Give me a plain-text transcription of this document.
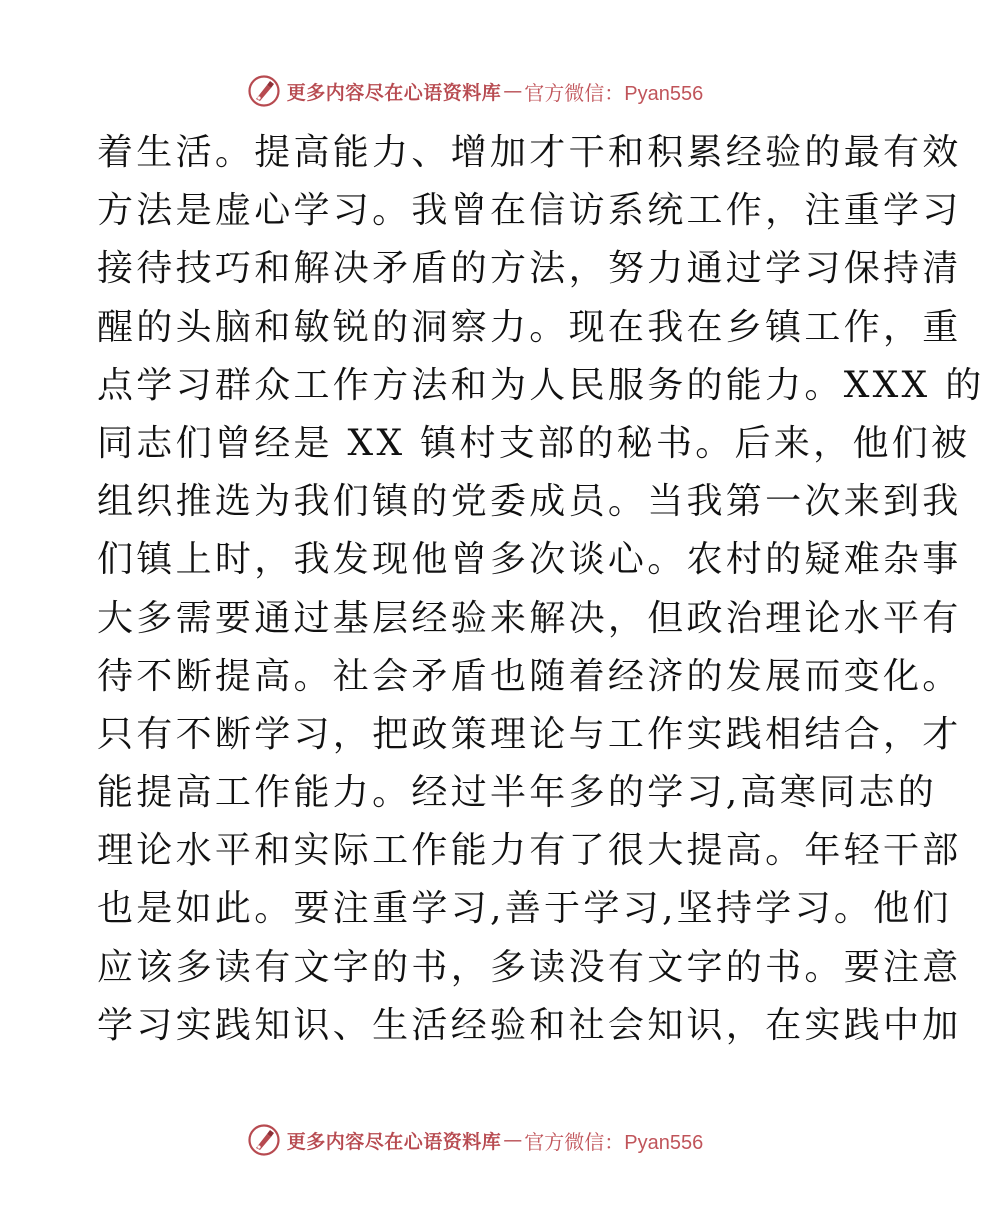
更多内容尽在心语资料库 — 官方微信：Pyan556
着生活。提高能力、增加才干和积累经验的最有效
方法是虚心学习。我曾在信访系统工作，注重学习
接待技巧和解决矛盾的方法，努力通过学习保持清
醒的头脑和敏锐的洞察力。现在我在乡镇工作，重
点学习群众工作方法和为人民服务的能力。XXX 的
同志们曾经是 XX 镇村支部的秘书。后来，他们被
组织推选为我们镇的党委成员。当我第一次来到我
们镇上时，我发现他曾多次谈心。农村的疑难杂事
大多需要通过基层经验来解决，但政治理论水平有
待不断提高。社会矛盾也随着经济的发展而变化。
只有不断学习，把政策理论与工作实践相结合，才
能提高工作能力。经过半年多的学习,高寒同志的
理论水平和实际工作能力有了很大提高。年轻干部
也是如此。要注重学习,善于学习,坚持学习。他们
应该多读有文字的书，多读没有文字的书。要注意
学习实践知识、生活经验和社会知识，在实践中加
更多内容尽在心语资料库 — 官方微信：Pyan556
